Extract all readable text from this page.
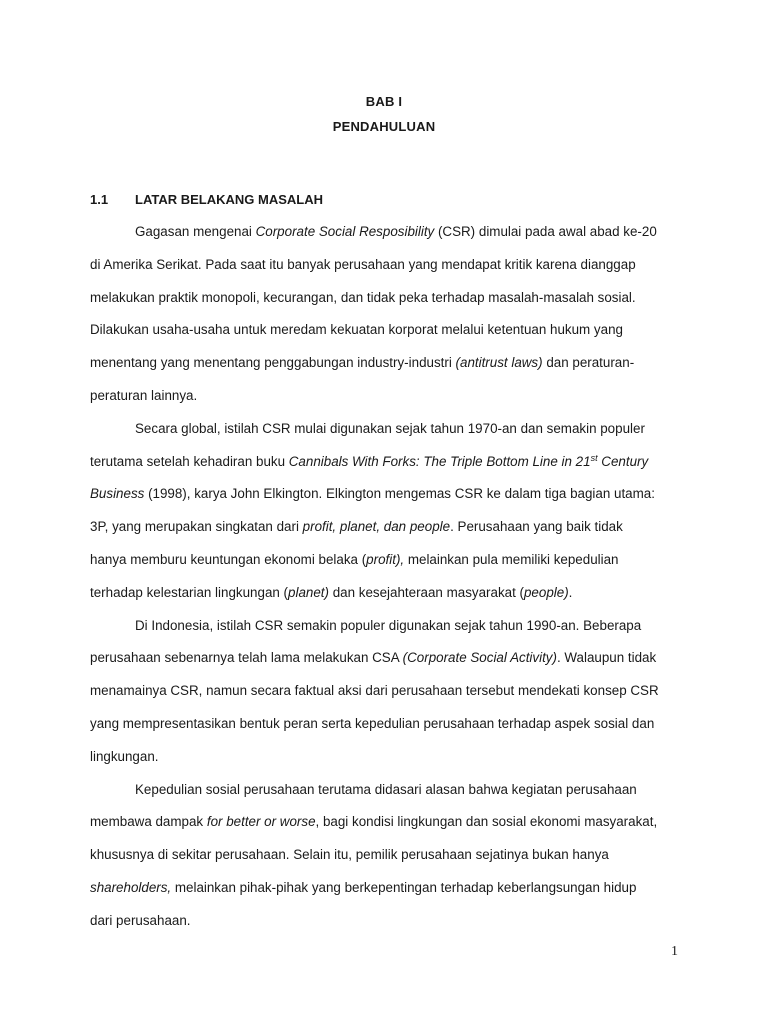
BAB I
PENDAHULUAN
1.1 LATAR BELAKANG MASALAH
Gagasan mengenai Corporate Social Resposibility (CSR) dimulai pada awal abad ke-20
di Amerika Serikat. Pada saat itu banyak perusahaan yang mendapat kritik karena dianggap
melakukan praktik monopoli, kecurangan, dan tidak peka terhadap masalah-masalah sosial.
Dilakukan usaha-usaha untuk meredam kekuatan korporat melalui ketentuan hukum yang
menentang yang menentang penggabungan industry-industri (antitrust laws) dan peraturan-
peraturan lainnya.
Secara global, istilah CSR mulai digunakan sejak tahun 1970-an dan semakin populer
terutama setelah kehadiran buku Cannibals With Forks: The Triple Bottom Line in 21st Century
Business (1998), karya John Elkington. Elkington mengemas CSR ke dalam tiga bagian utama:
3P, yang merupakan singkatan dari profit, planet, dan people. Perusahaan yang baik tidak
hanya memburu keuntungan ekonomi belaka (profit), melainkan pula memiliki kepedulian
terhadap kelestarian lingkungan (planet) dan kesejahteraan masyarakat (people).
Di Indonesia, istilah CSR semakin populer digunakan sejak tahun 1990-an. Beberapa
perusahaan sebenarnya telah lama melakukan CSA (Corporate Social Activity). Walaupun tidak
menamainya CSR, namun secara faktual aksi dari perusahaan tersebut mendekati konsep CSR
yang mempresentasikan bentuk peran serta kepedulian perusahaan terhadap aspek sosial dan
lingkungan.
Kepedulian sosial perusahaan terutama didasari alasan bahwa kegiatan perusahaan
membawa dampak for better or worse, bagi kondisi lingkungan dan sosial ekonomi masyarakat,
khususnya di sekitar perusahaan. Selain itu, pemilik perusahaan sejatinya bukan hanya
shareholders, melainkan pihak-pihak yang berkepentingan terhadap keberlangsungan hidup
dari perusahaan.
1
